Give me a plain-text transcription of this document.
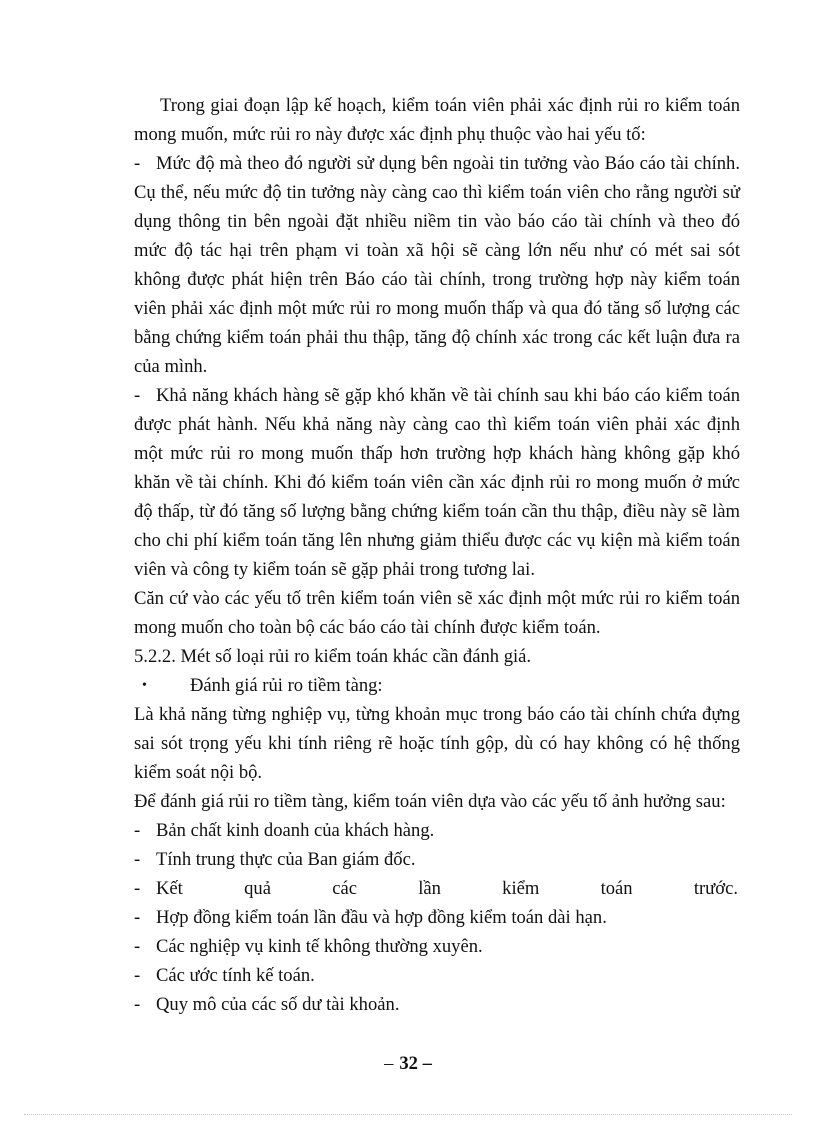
Trong giai đoạn lập kế hoạch, kiểm toán viên phải xác định rủi ro kiểm toán mong muốn, mức rủi ro này được xác định phụ thuộc vào hai yếu tố:

- Mức độ mà theo đó người sử dụng bên ngoài tin tưởng vào Báo cáo tài chính. Cụ thể, nếu mức độ tin tưởng này càng cao thì kiểm toán viên cho rằng người sử dụng thông tin bên ngoài đặt nhiều niềm tin vào báo cáo tài chính và theo đó mức độ tác hại trên phạm vi toàn xã hội sẽ càng lớn nếu như có mét sai sót không được phát hiện trên Báo cáo tài chính, trong trường hợp này kiểm toán viên phải xác định một mức rủi ro mong muốn thấp và qua đó tăng số lượng các bằng chứng kiểm toán phải thu thập, tăng độ chính xác trong các kết luận đưa ra của mình.

- Khả năng khách hàng sẽ gặp khó khăn về tài chính sau khi báo cáo kiểm toán được phát hành. Nếu khả năng này càng cao thì kiểm toán viên phải xác định một mức rủi ro mong muốn thấp hơn trường hợp khách hàng không gặp khó khăn về tài chính. Khi đó kiểm toán viên cần xác định rủi ro mong muốn ở mức độ thấp, từ đó tăng số lượng bằng chứng kiểm toán cần thu thập, điều này sẽ làm cho chi phí kiểm toán tăng lên nhưng giảm thiểu được các vụ kiện mà kiểm toán viên và công ty kiểm toán sẽ gặp phải trong tương lai.

Căn cứ vào các yếu tố trên kiểm toán viên sẽ xác định một mức rủi ro kiểm toán mong muốn cho toàn bộ các báo cáo tài chính được kiểm toán.

5.2.2. Mét số loại rủi ro kiểm toán khác cần đánh giá.

• Đánh giá rủi ro tiềm tàng:

Là khả năng từng nghiệp vụ, từng khoản mục trong báo cáo tài chính chứa đựng sai sót trọng yếu khi tính riêng rẽ hoặc tính gộp, dù có hay không có hệ thống kiểm soát nội bộ.

Để đánh giá rủi ro tiềm tàng, kiểm toán viên dựa vào các yếu tố ảnh hưởng sau:

- Bản chất kinh doanh của khách hàng.
- Tính trung thực của Ban giám đốc.
- Kết	quả	các	lần	kiểm	toán	trước.
- Hợp đồng kiểm toán lần đầu và hợp đồng kiểm toán dài hạn.
- Các nghiệp vụ kinh tế không thường xuyên.
- Các ước tính kế toán.
- Quy mô của các số dư tài khoản.
– 32 –
